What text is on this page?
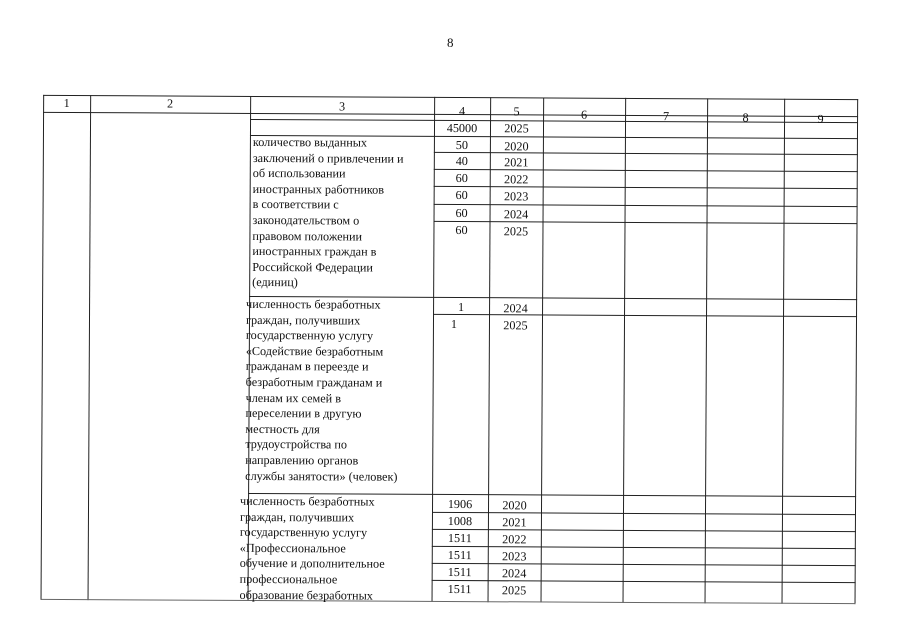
8
1	2	3	4	5	6	7	8	9
45000	2025
количество выданных
заключений о привлечении и
об использовании
иностранных работников
в соответствии с
законодательством о
правовом положении
иностранных граждан в
Российской Федерации
(единиц)
50	2020
40	2021
60	2022
60	2023
60	2024
60	2025
численность безработных
граждан, получивших
государственную услугу
«Содействие безработным
гражданам в переезде и
безработным гражданам и
членам их семей в
переселении в другую
местность для
трудоустройства по
направлению органов
службы занятости» (человек)
1	2024
1	2025
численность безработных
граждан, получивших
государственную услугу
«Профессиональное
обучение и дополнительное
профессиональное
образование безработных
1906	2020
1008	2021
1511	2022
1511	2023
1511	2024
1511	2025
